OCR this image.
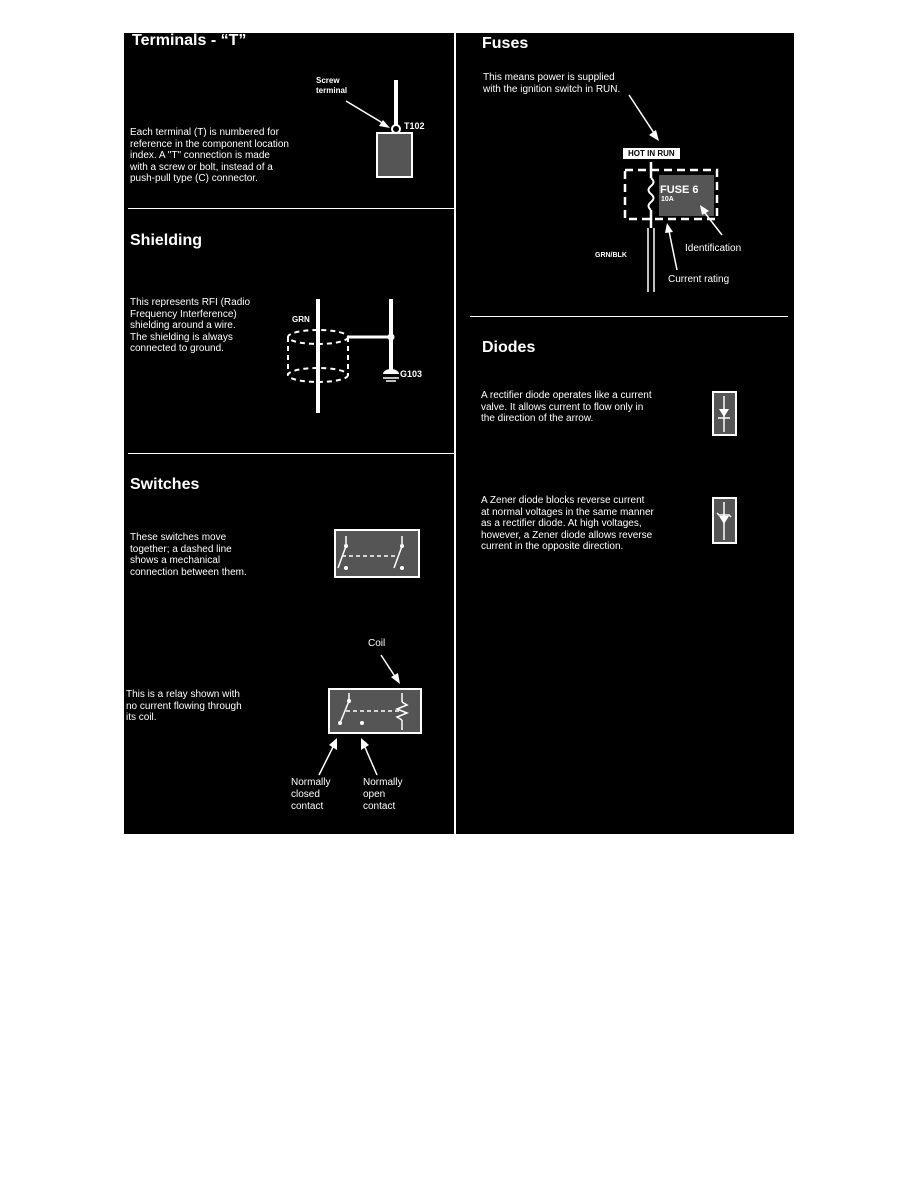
Terminals - “T”
Screw
terminal
T102

Each terminal (T) is numbered for
reference in the component location
index. A "T" connection is made
with a screw or bolt, instead of a
push-pull type (C) connector.

Shielding

This represents RFI (Radio
Frequency Interference)
shielding around a wire.
The shielding is always
connected to ground.

GRN
G103
Switches

These switches move
together; a dashed line
shows a mechanical
connection between them.

This is a relay shown with
no current flowing through
its coil.

Coil
Normally
closed
contact
Normally
open
contact
Fuses

This means power is supplied
with the ignition switch in RUN.

HOT IN RUN
FUSE 6
10A
GRN/BLK
Identification
Current rating
Diodes

A rectifier diode operates like a current
valve. It allows current to flow only in
the direction of the arrow.

A Zener diode blocks reverse current
at normal voltages in the same manner
as a rectifier diode. At high voltages,
however, a Zener diode allows reverse
current in the opposite direction.
